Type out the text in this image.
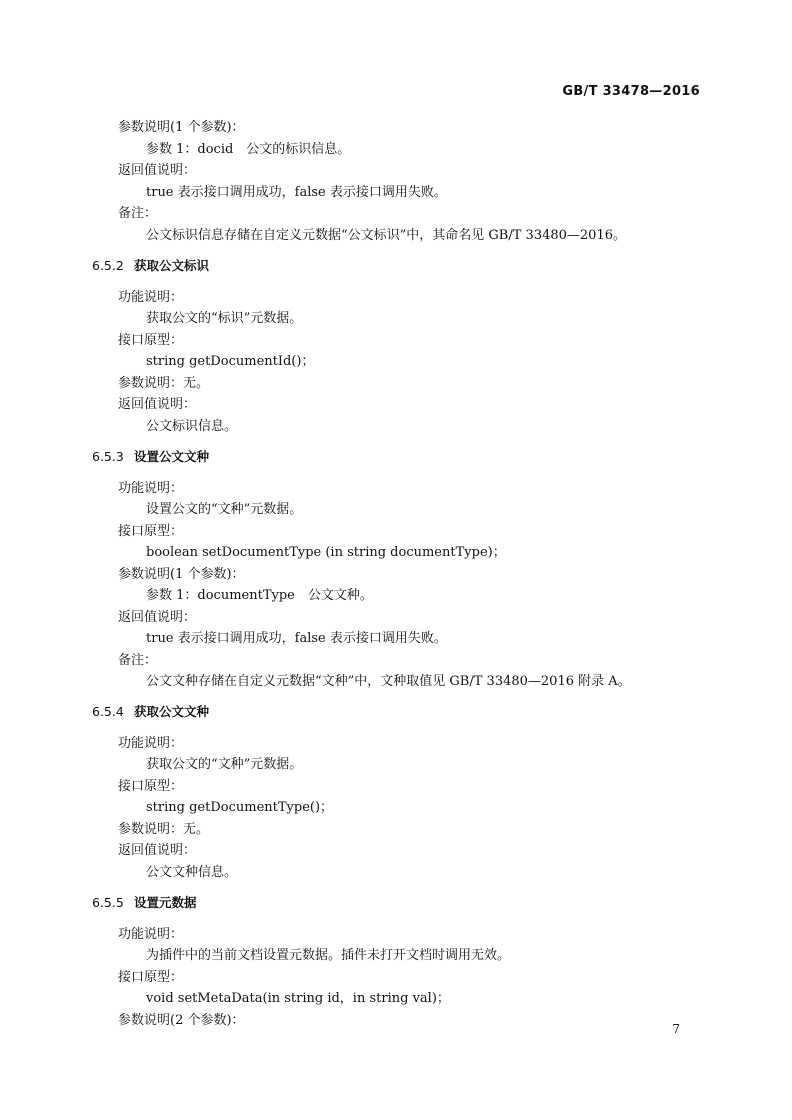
GB/T 33478—2016
参数说明(1 个参数)：
参数 1：docid　公文的标识信息。
返回值说明：
true 表示接口调用成功，false 表示接口调用失败。
备注：
公文标识信息存储在自定义元数据“公文标识”中，其命名见 GB/T 33480—2016。
6.5.2 获取公文标识
功能说明：
获取公文的“标识”元数据。
接口原型：
string getDocumentId()；
参数说明：无。
返回值说明：
公文标识信息。
6.5.3 设置公文文种
功能说明：
设置公文的“文种”元数据。
接口原型：
boolean setDocumentType (in string documentType)；
参数说明(1 个参数)：
参数 1：documentType　公文文种。
返回值说明：
true 表示接口调用成功，false 表示接口调用失败。
备注：
公文文种存储在自定义元数据“文种”中，文种取值见 GB/T 33480—2016 附录 A。
6.5.4 获取公文文种
功能说明：
获取公文的“文种”元数据。
接口原型：
string getDocumentType()；
参数说明：无。
返回值说明：
公文文种信息。
6.5.5 设置元数据
功能说明：
为插件中的当前文档设置元数据。插件未打开文档时调用无效。
接口原型：
void setMetaData(in string id，in string val)；
参数说明(2 个参数)：
7
